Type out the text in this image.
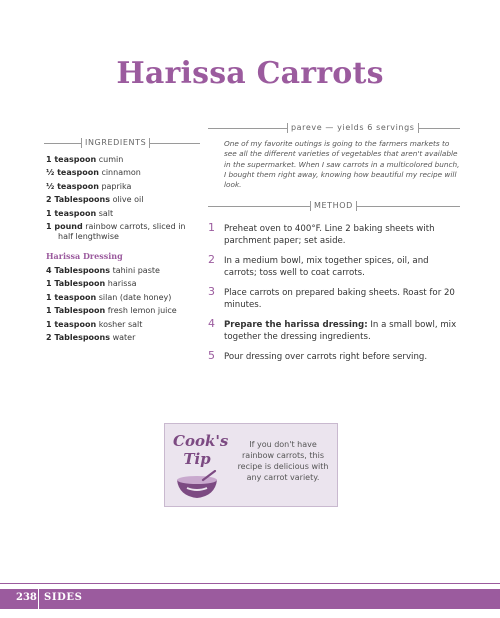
Harissa Carrots
pareve — yields 6 servings
INGREDIENTS	One of my favorite outings is going to the farmers markets to see all the different varieties of vegetables that aren't available in the supermarket. When I saw carrots in a multicolored bunch, I bought them right away, knowing how beautiful my recipe will look.
METHOD
1 teaspoon cumin
½ teaspoon cinnamon
½ teaspoon paprika
2 Tablespoons olive oil
1 teaspoon salt
1 pound rainbow carrots, sliced in
half lengthwise
Harissa Dressing
4 Tablespoons tahini paste
1 Tablespoon harissa
1 teaspoon silan (date honey)
1 Tablespoon fresh lemon juice
1 teaspoon kosher salt
2 Tablespoons water
1 Preheat oven to 400°F. Line 2 baking sheets with parchment paper; set aside.
2 In a medium bowl, mix together spices, oil, and carrots; toss well to coat carrots.
3 Place carrots on prepared baking sheets. Roast for 20 minutes.
4 Prepare the harissa dressing: In a small bowl, mix together the dressing ingredients.
5 Pour dressing over carrots right before serving.
Cook's
Tip
If you don't have rainbow carrots, this recipe is delicious with any carrot variety.
238 SIDES
